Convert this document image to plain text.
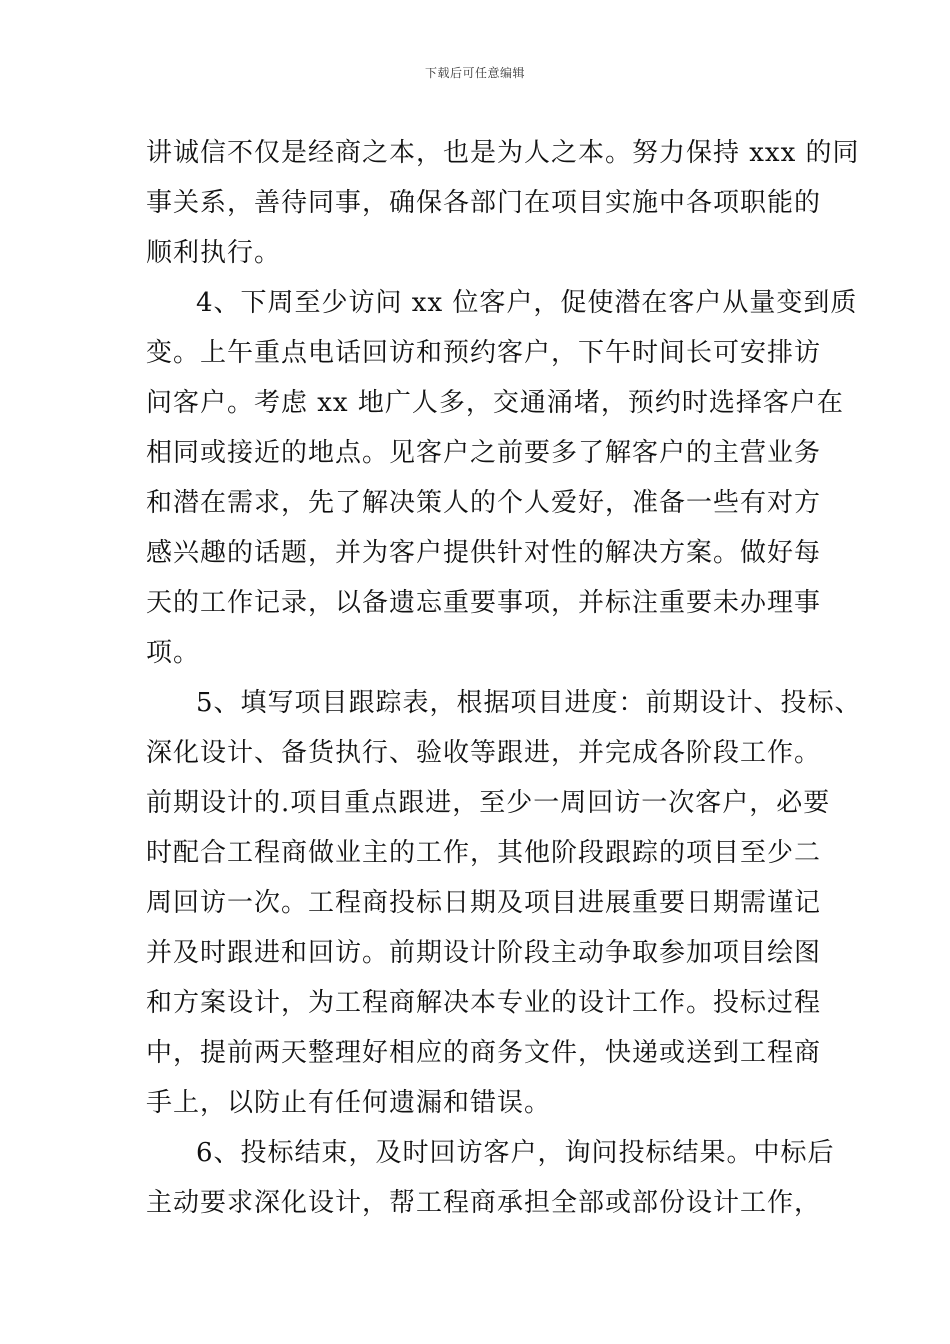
下载后可任意编辑
讲诚信不仅是经商之本，也是为人之本。努力保持 xxx 的同
事关系，善待同事，确保各部门在项目实施中各项职能的
顺利执行。
4、下周至少访问 xx 位客户，促使潜在客户从量变到质
变。上午重点电话回访和预约客户，下午时间长可安排访
问客户。考虑 xx 地广人多，交通涌堵，预约时选择客户在
相同或接近的地点。见客户之前要多了解客户的主营业务
和潜在需求，先了解决策人的个人爱好，准备一些有对方
感兴趣的话题，并为客户提供针对性的解决方案。做好每
天的工作记录，以备遗忘重要事项，并标注重要未办理事
项。
5、填写项目跟踪表，根据项目进度：前期设计、投标、
深化设计、备货执行、验收等跟进，并完成各阶段工作。
前期设计的.项目重点跟进，至少一周回访一次客户，必要
时配合工程商做业主的工作，其他阶段跟踪的项目至少二
周回访一次。工程商投标日期及项目进展重要日期需谨记
并及时跟进和回访。前期设计阶段主动争取参加项目绘图
和方案设计，为工程商解决本专业的设计工作。投标过程
中，提前两天整理好相应的商务文件，快递或送到工程商
手上，以防止有任何遗漏和错误。
6、投标结束，及时回访客户，询问投标结果。中标后
主动要求深化设计，帮工程商承担全部或部份设计工作，
